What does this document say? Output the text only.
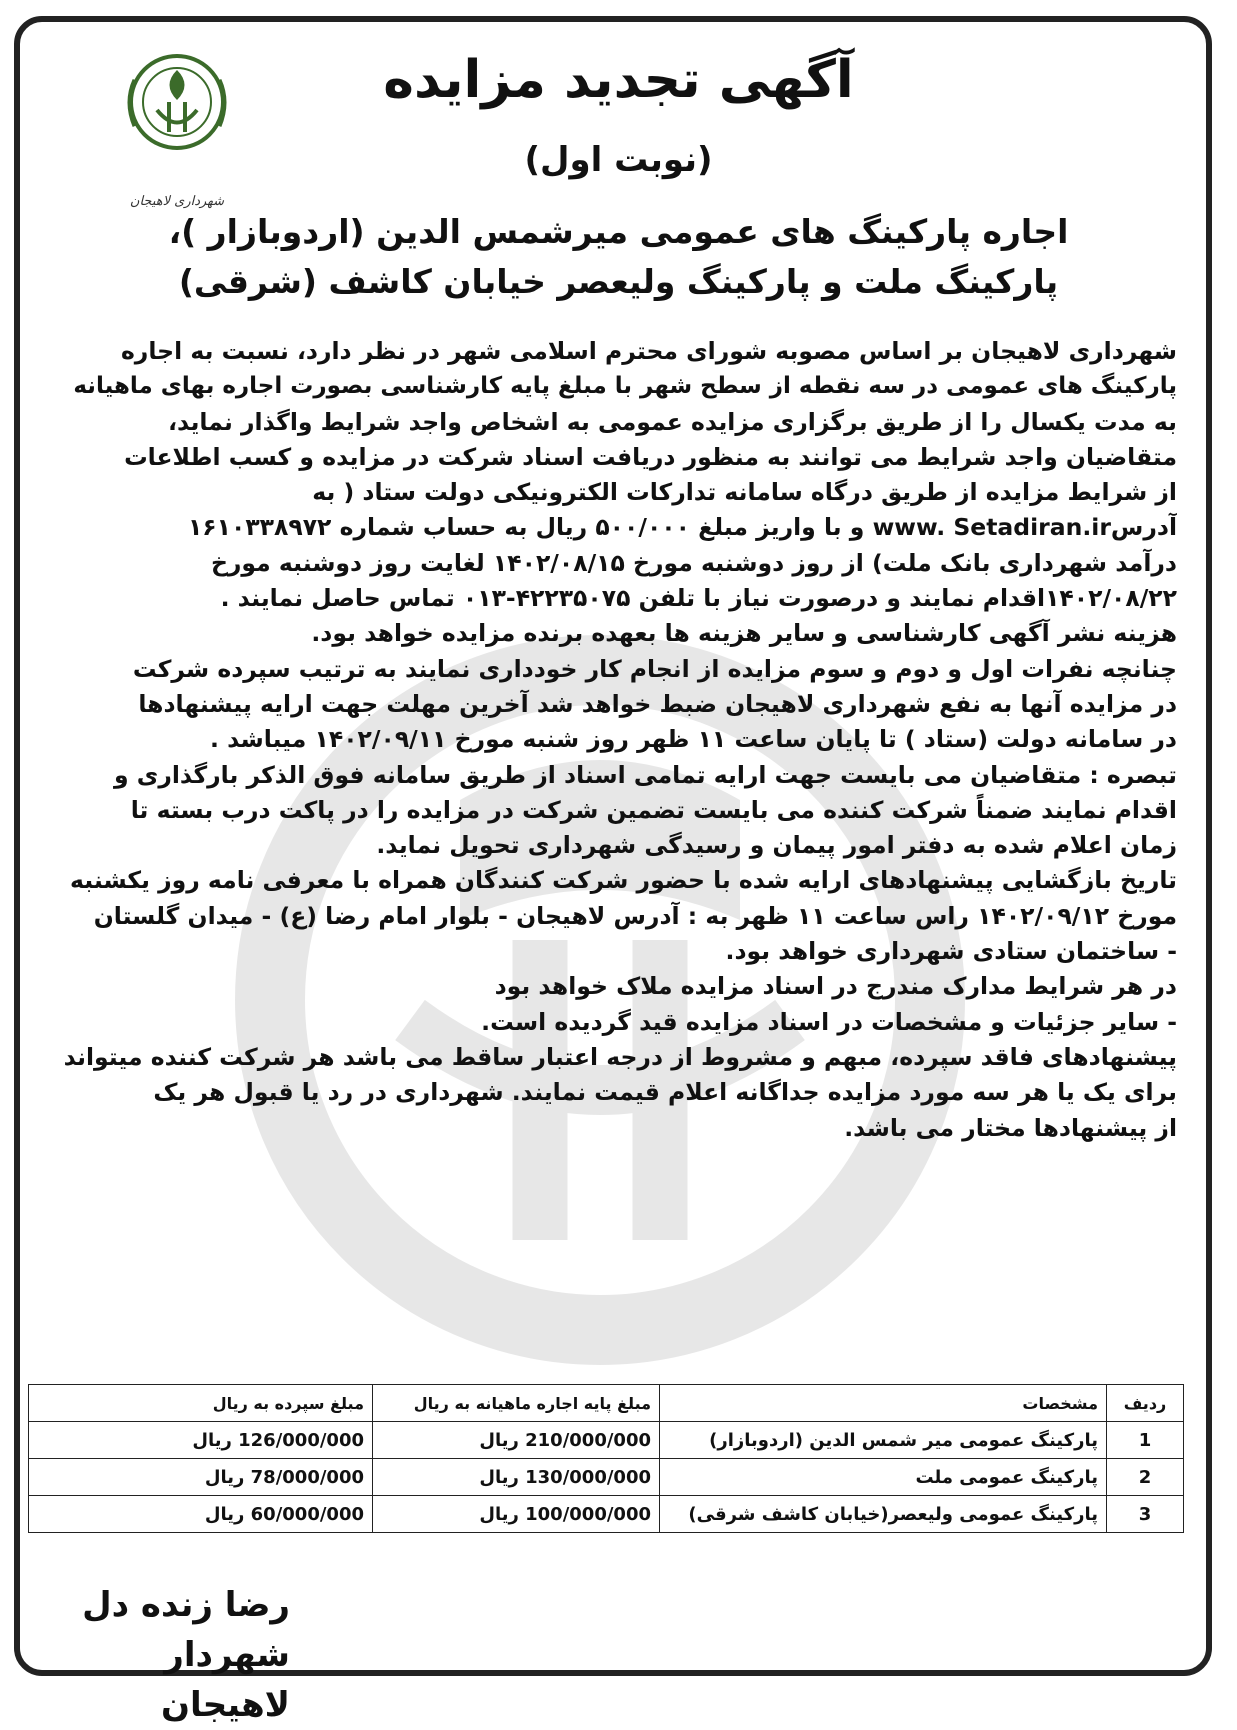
شهرداری لاهیجان
آگهی تجدید مزایده
(نوبت اول)
اجاره پارکینگ های عمومی میرشمس الدین (اردوبازار )،
پارکینگ ملت و پارکینگ ولیعصر خیابان کاشف (شرقی)
شهرداری لاهیجان بر اساس مصوبه شورای محترم اسلامی شهر در نظر دارد، نسبت به اجاره
پارکینگ های عمومی در سه نقطه از سطح شهر با مبلغ پایه کارشناسی بصورت اجاره بهای ماهیانه
به مدت یکسال را از طریق برگزاری مزایده عمومی به اشخاص واجد شرایط واگذار نماید،
متقاضیان واجد شرایط می توانند به منظور دریافت اسناد شرکت در مزایده و کسب اطلاعات
از شرایط مزایده از طریق درگاه سامانه تدارکات الکترونیکی دولت ستاد ( به
آدرسwww. Setadiran.ir و با واریز مبلغ ۵۰۰/۰۰۰ ریال به حساب شماره ۱۶۱۰۳۳۸۹۷۲
درآمد شهرداری بانک ملت) از روز دوشنبه مورخ ۱۴۰۲/۰۸/۱۵ لغایت روز دوشنبه مورخ
۱۴۰۲/۰۸/۲۲اقدام نمایند و درصورت نیاز با تلفن ۴۲۲۳۵۰۷۵-۰۱۳ تماس حاصل نمایند .
هزینه نشر آگهی کارشناسی و سایر هزینه ها بعهده برنده مزایده خواهد بود.
چنانچه نفرات اول و دوم و سوم مزایده از انجام کار خودداری نمایند به ترتیب سپرده شرکت
در مزایده آنها به نفع شهرداری لاهیجان ضبط خواهد شد آخرین مهلت جهت ارایه پیشنهادها
در سامانه دولت (ستاد ) تا پایان ساعت ۱۱ ظهر روز شنبه مورخ ۱۴۰۲/۰۹/۱۱ میباشد .
تبصره : متقاضیان می بایست جهت ارایه تمامی اسناد از طریق سامانه فوق الذکر بارگذاری و
اقدام نمایند ضمناً شرکت کننده می بایست تضمین شرکت در مزایده را در پاکت درب بسته تا
زمان اعلام شده به دفتر امور پیمان و رسیدگی شهرداری تحویل نماید.
تاریخ بازگشایی پیشنهادهای ارایه شده با حضور شرکت کنندگان همراه با معرفی نامه روز یکشنبه
مورخ ۱۴۰۲/۰۹/۱۲ راس ساعت ۱۱ ظهر به : آدرس لاهیجان - بلوار امام رضا (ع) - میدان گلستان
- ساختمان ستادی شهرداری خواهد بود.
در هر شرایط مدارک مندرج در اسناد مزایده ملاک خواهد بود
- سایر جزئیات و مشخصات در اسناد مزایده قید گردیده است.
پیشنهادهای فاقد سپرده، مبهم و مشروط از درجه اعتبار ساقط می باشد هر شرکت کننده میتواند
برای یک یا هر سه مورد مزایده جداگانه اعلام قیمت نمایند. شهرداری در رد یا قبول هر یک
از پیشنهادها مختار می باشد.
ردیف	مشخصات	مبلغ پایه اجاره ماهیانه به ریال	مبلغ سپرده به ریال
1	پارکینگ عمومی میر شمس الدین (اردوبازار)	210/000/000 ریال	126/000/000 ریال
2	پارکینگ عمومی ملت	130/000/000 ریال	78/000/000 ریال
3	پارکینگ عمومی ولیعصر(خیابان کاشف شرقی)	100/000/000 ریال	60/000/000 ریال
رضا زنده دل
شهردار لاهیجان
